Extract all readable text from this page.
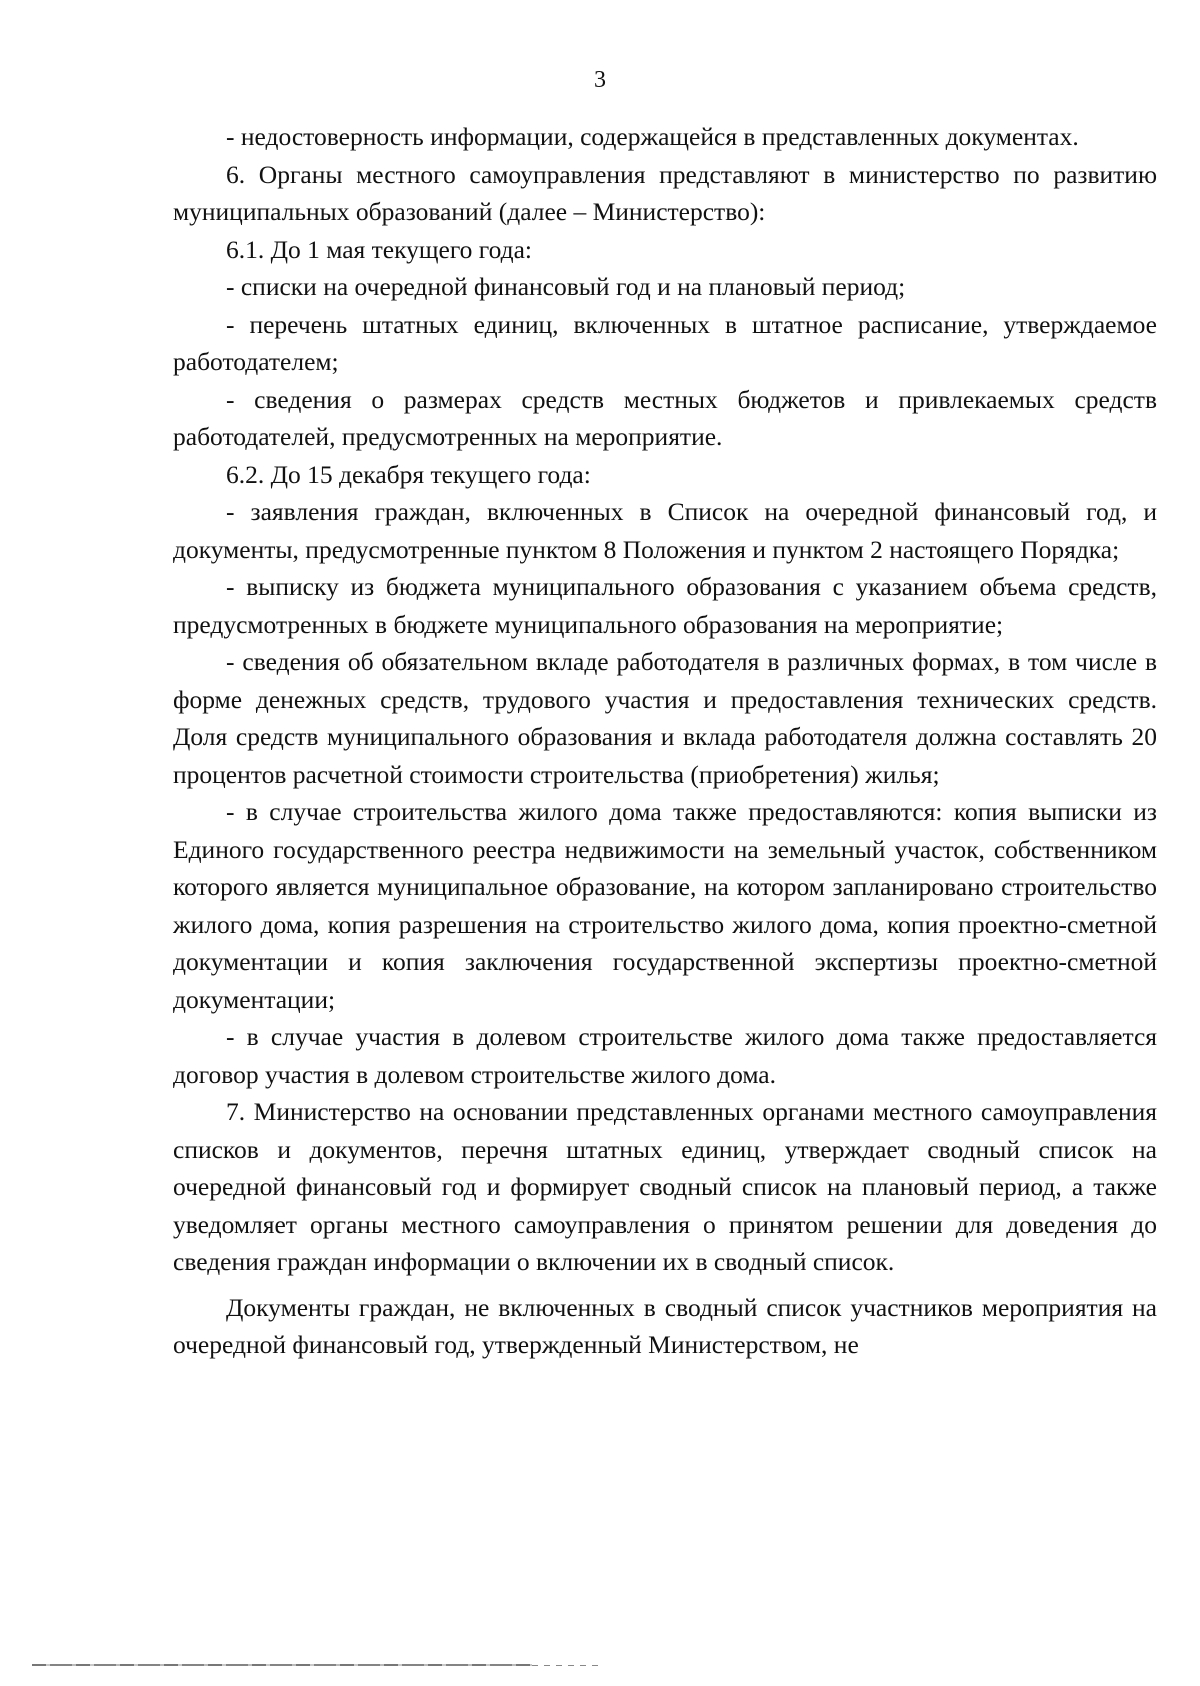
3

- недостоверность информации, содержащейся в представленных документах.

6. Органы местного самоуправления представляют в министерство по развитию муниципальных образований (далее – Министерство):

6.1. До 1 мая текущего года:

- списки на очередной финансовый год и на плановый период;

- перечень штатных единиц, включенных в штатное расписание, утверждаемое работодателем;

- сведения о размерах средств местных бюджетов и привлекаемых средств работодателей, предусмотренных на мероприятие.

6.2. До 15 декабря текущего года:

- заявления граждан, включенных в Список на очередной финансовый год, и документы, предусмотренные пунктом 8 Положения и пунктом 2 настоящего Порядка;

- выписку из бюджета муниципального образования с указанием объема средств, предусмотренных в бюджете муниципального образования на мероприятие;

- сведения об обязательном вкладе работодателя в различных формах, в том числе в форме денежных средств, трудового участия и предоставления технических средств. Доля средств муниципального образования и вклада работодателя должна составлять 20 процентов расчетной стоимости строительства (приобретения) жилья;

- в случае строительства жилого дома также предоставляются: копия выписки из Единого государственного реестра недвижимости на земельный участок, собственником которого является муниципальное образование, на котором запланировано строительство жилого дома, копия разрешения на строительство жилого дома, копия проектно-сметной документации и копия заключения государственной экспертизы проектно-сметной документации;

- в случае участия в долевом строительстве жилого дома также предоставляется договор участия в долевом строительстве жилого дома.

7. Министерство на основании представленных органами местного самоуправления списков и документов, перечня штатных единиц, утверждает сводный список на очередной финансовый год и формирует сводный список на плановый период, а также уведомляет органы местного самоуправления о принятом решении для доведения до сведения граждан информации о включении их в сводный список.

Документы граждан, не включенных в сводный список участников мероприятия на очередной финансовый год, утвержденный Министерством, не
